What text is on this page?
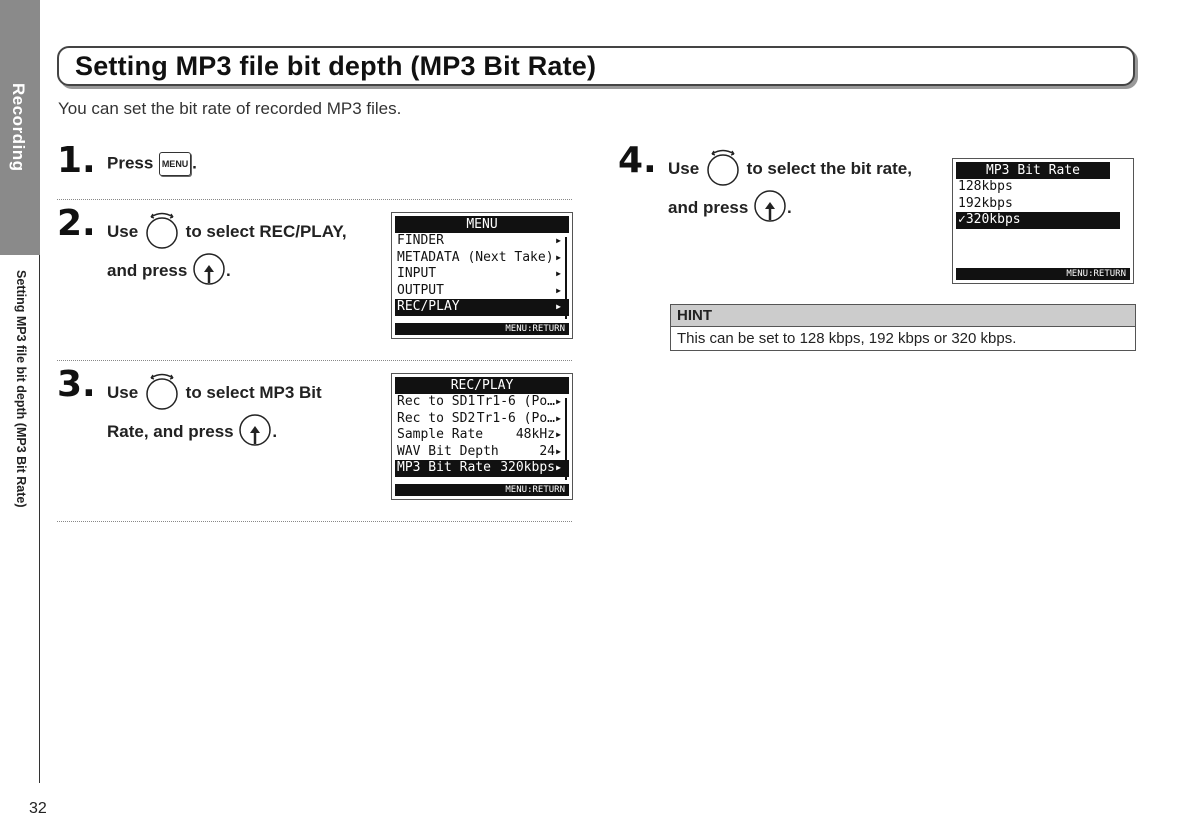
Recording
Setting MP3 file bit depth (MP3 Bit Rate)
32
Setting MP3 file bit depth (MP3 Bit Rate)
You can set the bit rate of recorded MP3 files.
1. Press MENU .
2. Use	to select REC/PLAY,
and press .
MENU
FINDER	▶
METADATA (Next Take) ▶
INPUT	▶
OUTPUT	▶
REC/PLAY	▶
MENU:RETURN
3. Use	to select MP3 Bit
Rate, and press .
REC/PLAY
Rec to SD1 Tr1-6 (Po… ▶
Rec to SD2 Tr1-6 (Po… ▶
Sample Rate	48kHz ▶
WAV Bit Depth	24 ▶
MP3 Bit Rate 320kbps ▶
MENU:RETURN
4. Use	to select the bit rate,
and press .
MP3 Bit Rate
128kbps
192kbps
✓320kbps
MENU:RETURN
HINT
This can be set to 128 kbps, 192 kbps or 320 kbps.
